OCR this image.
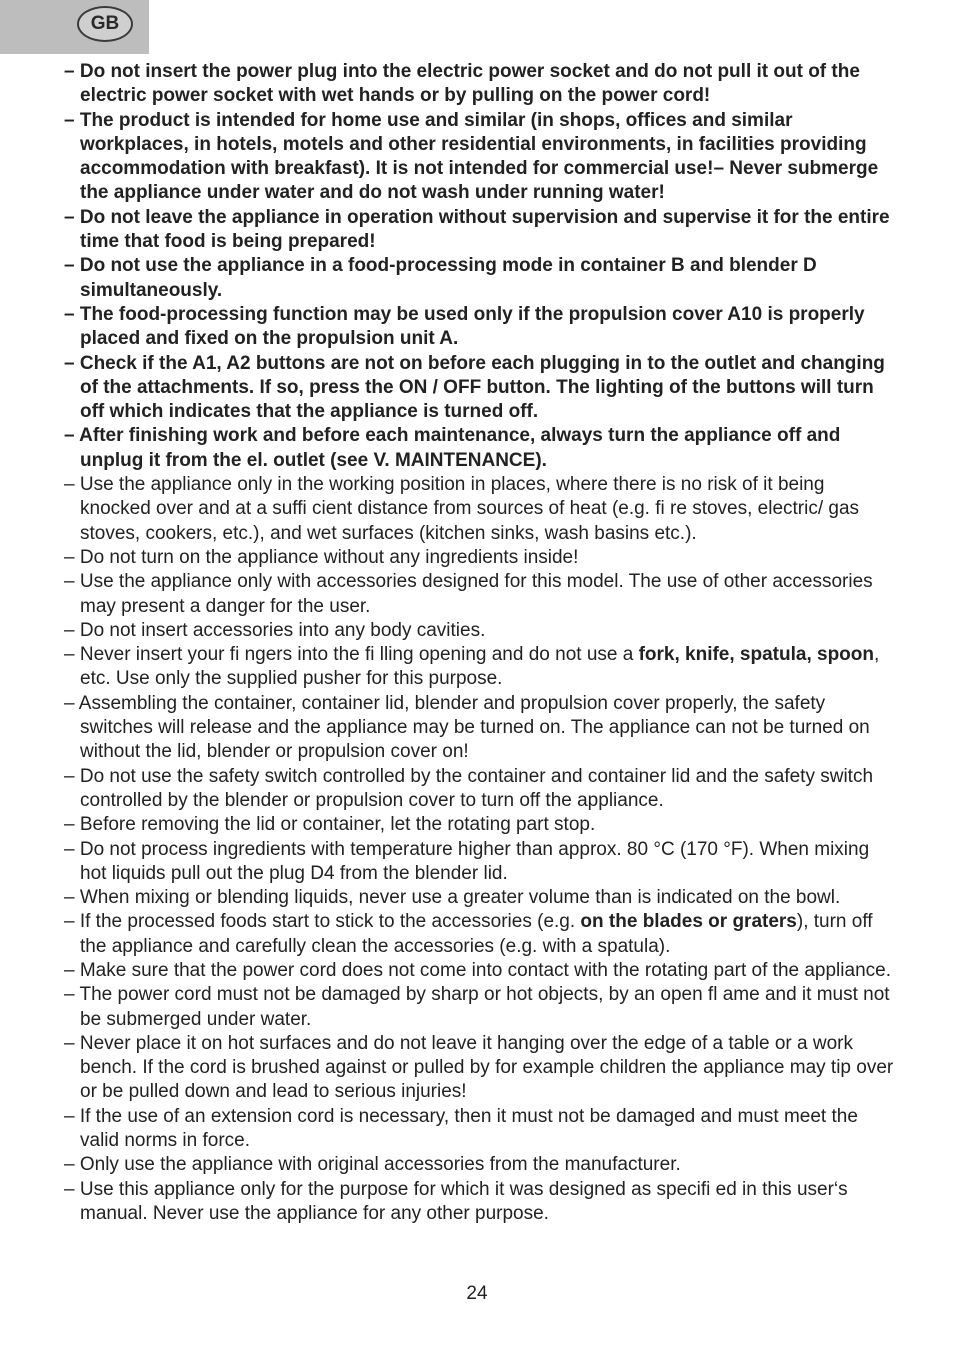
GB
– Do not insert the power plug into the electric power socket and do not pull it out of the electric power socket with wet hands or by pulling on the power cord!
– The product is intended for home use and similar (in shops, offices and similar workplaces, in hotels, motels and other residential environments, in facilities providing accommodation with breakfast). It is not intended for commercial use!– Never submerge the appliance under water and do not wash under running water!
– Do not leave the appliance in operation without supervision and supervise it for the entire time that food is being prepared!
– Do not use the appliance in a food-processing mode in container B and blender D simultaneously.
– The food-processing function may be used only if the propulsion cover A10 is properly placed and fixed on the propulsion unit A.
– Check if the A1, A2 buttons are not on before each plugging in to the outlet and changing of the attachments. If so, press the ON / OFF button. The lighting of the buttons will turn off which indicates that the appliance is turned off.
– After finishing work and before each maintenance, always turn the appliance off and unplug it from the el. outlet (see V. MAINTENANCE).
– Use the appliance only in the working position in places, where there is no risk of it being knocked over and at a suffi cient distance from sources of heat (e.g. fi re stoves, electric/ gas stoves, cookers, etc.), and wet surfaces (kitchen sinks, wash basins etc.).
– Do not turn on the appliance without any ingredients inside!
– Use the appliance only with accessories designed for this model. The use of other accessories may present a danger for the user.
– Do not insert accessories into any body cavities.
– Never insert your fi ngers into the fi lling opening and do not use a fork, knife, spatula, spoon, etc. Use only the supplied pusher for this purpose.
– Assembling the container, container lid, blender and propulsion cover properly, the safety switches will release and the appliance may be turned on. The appliance can not be turned on without the lid, blender or propulsion cover on!
– Do not use the safety switch controlled by the container and container lid and the safety switch controlled by the blender or propulsion cover to turn off the appliance.
– Before removing the lid or container, let the rotating part stop.
– Do not process ingredients with temperature higher than approx. 80 °C (170 °F). When mixing hot liquids pull out the plug D4 from the blender lid.
– When mixing or blending liquids, never use a greater volume than is indicated on the bowl.
– If the processed foods start to stick to the accessories (e.g. on the blades or graters), turn off the appliance and carefully clean the accessories (e.g. with a spatula).
– Make sure that the power cord does not come into contact with the rotating part of the appliance.
– The power cord must not be damaged by sharp or hot objects, by an open fl ame and it must not be submerged under water.
– Never place it on hot surfaces and do not leave it hanging over the edge of a table or a work bench. If the cord is brushed against or pulled by for example children the appliance may tip over or be pulled down and lead to serious injuries!
– If the use of an extension cord is necessary, then it must not be damaged and must meet the valid norms in force.
– Only use the appliance with original accessories from the manufacturer.
– Use this appliance only for the purpose for which it was designed as specifi ed in this user‘s manual. Never use the appliance for any other purpose.
24
